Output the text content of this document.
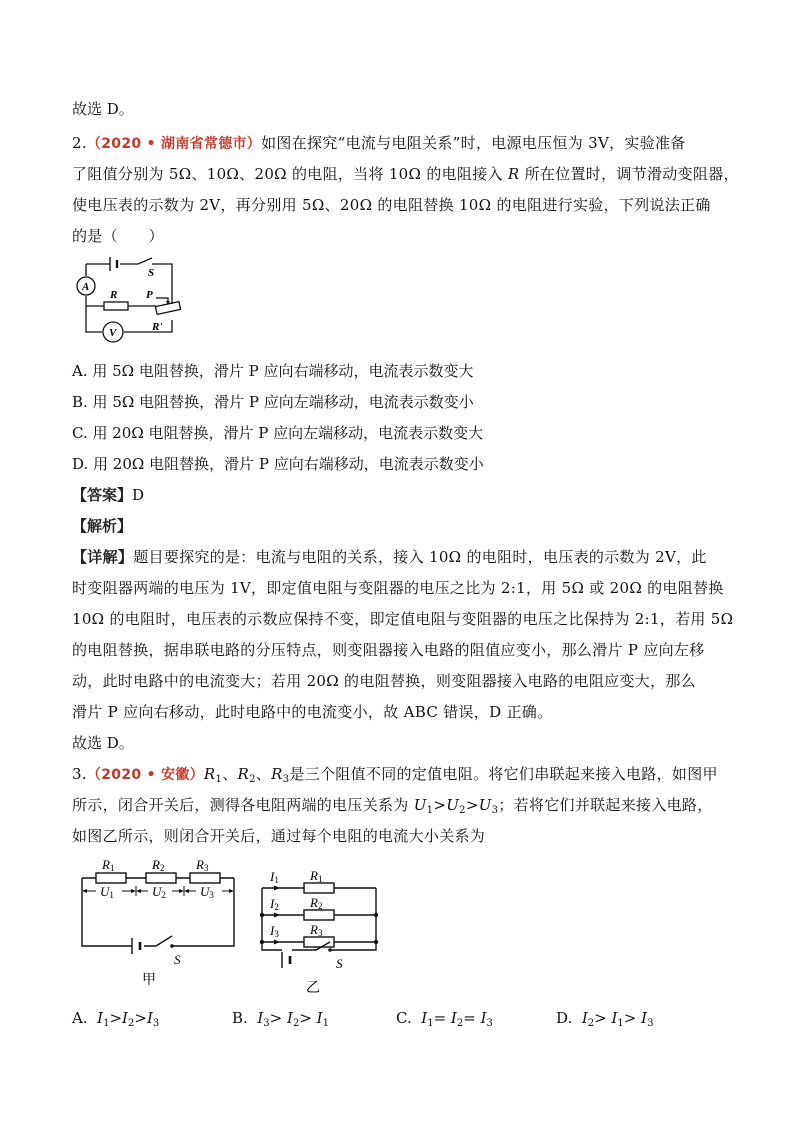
故选 D。
2.（2020 • 湖南省常德市）如图在探究“电流与电阻关系”时，电源电压恒为 3V，实验准备
了阻值分别为 5Ω、10Ω、20Ω 的电阻，当将 10Ω 的电阻接入 R 所在位置时，调节滑动变阻器，
使电压表的示数为 2V，再分别用 5Ω、20Ω 的电阻替换 10Ω 的电阻进行实验，下列说法正确
的是（　　）
A
V
S
R	P
R'
A. 用 5Ω 电阻替换，滑片 P 应向右端移动，电流表示数变大
B. 用 5Ω 电阻替换，滑片 P 应向左端移动，电流表示数变小
C. 用 20Ω 电阻替换，滑片 P 应向左端移动，电流表示数变大
D. 用 20Ω 电阻替换，滑片 P 应向右端移动，电流表示数变小
【答案】D
【解析】
【详解】题目要探究的是：电流与电阻的关系，接入 10Ω 的电阻时，电压表的示数为 2V，此
时变阻器两端的电压为 1V，即定值电阻与变阻器的电压之比为 2:1，用 5Ω 或 20Ω 的电阻替换
10Ω 的电阻时，电压表的示数应保持不变，即定值电阻与变阻器的电压之比保持为 2:1，若用 5Ω
的电阻替换，据串联电路的分压特点，则变阻器接入电路的阻值应变小，那么滑片 P 应向左移
动，此时电路中的电流变大；若用 20Ω 的电阻替换，则变阻器接入电路的电阻应变大，那么
滑片 P 应向右移动，此时电路中的电流变小，故 ABC 错误，D 正确。
故选 D。
3.（2020 • 安徽）$R_1$、$R_2$、$R_3$是三个阻值不同的定值电阻。将它们串联起来接入电路，如图甲
所示，闭合开关后，测得各电阻两端的电压关系为 $U_1>U_2>U_3$；若将它们并联起来接入电路，
如图乙所示，则闭合开关后，通过每个电阻的电流大小关系为
R1	R2 R3
U1	U2	U3
S
甲
I1
I2
I3
R1
R2
R3
S
乙
A. $I_1>I_2>I_3$	B. $I_3> I_2> I_1$	C. $I_1= I_2= I_3$	D. $I_2> I_1> I_3$
